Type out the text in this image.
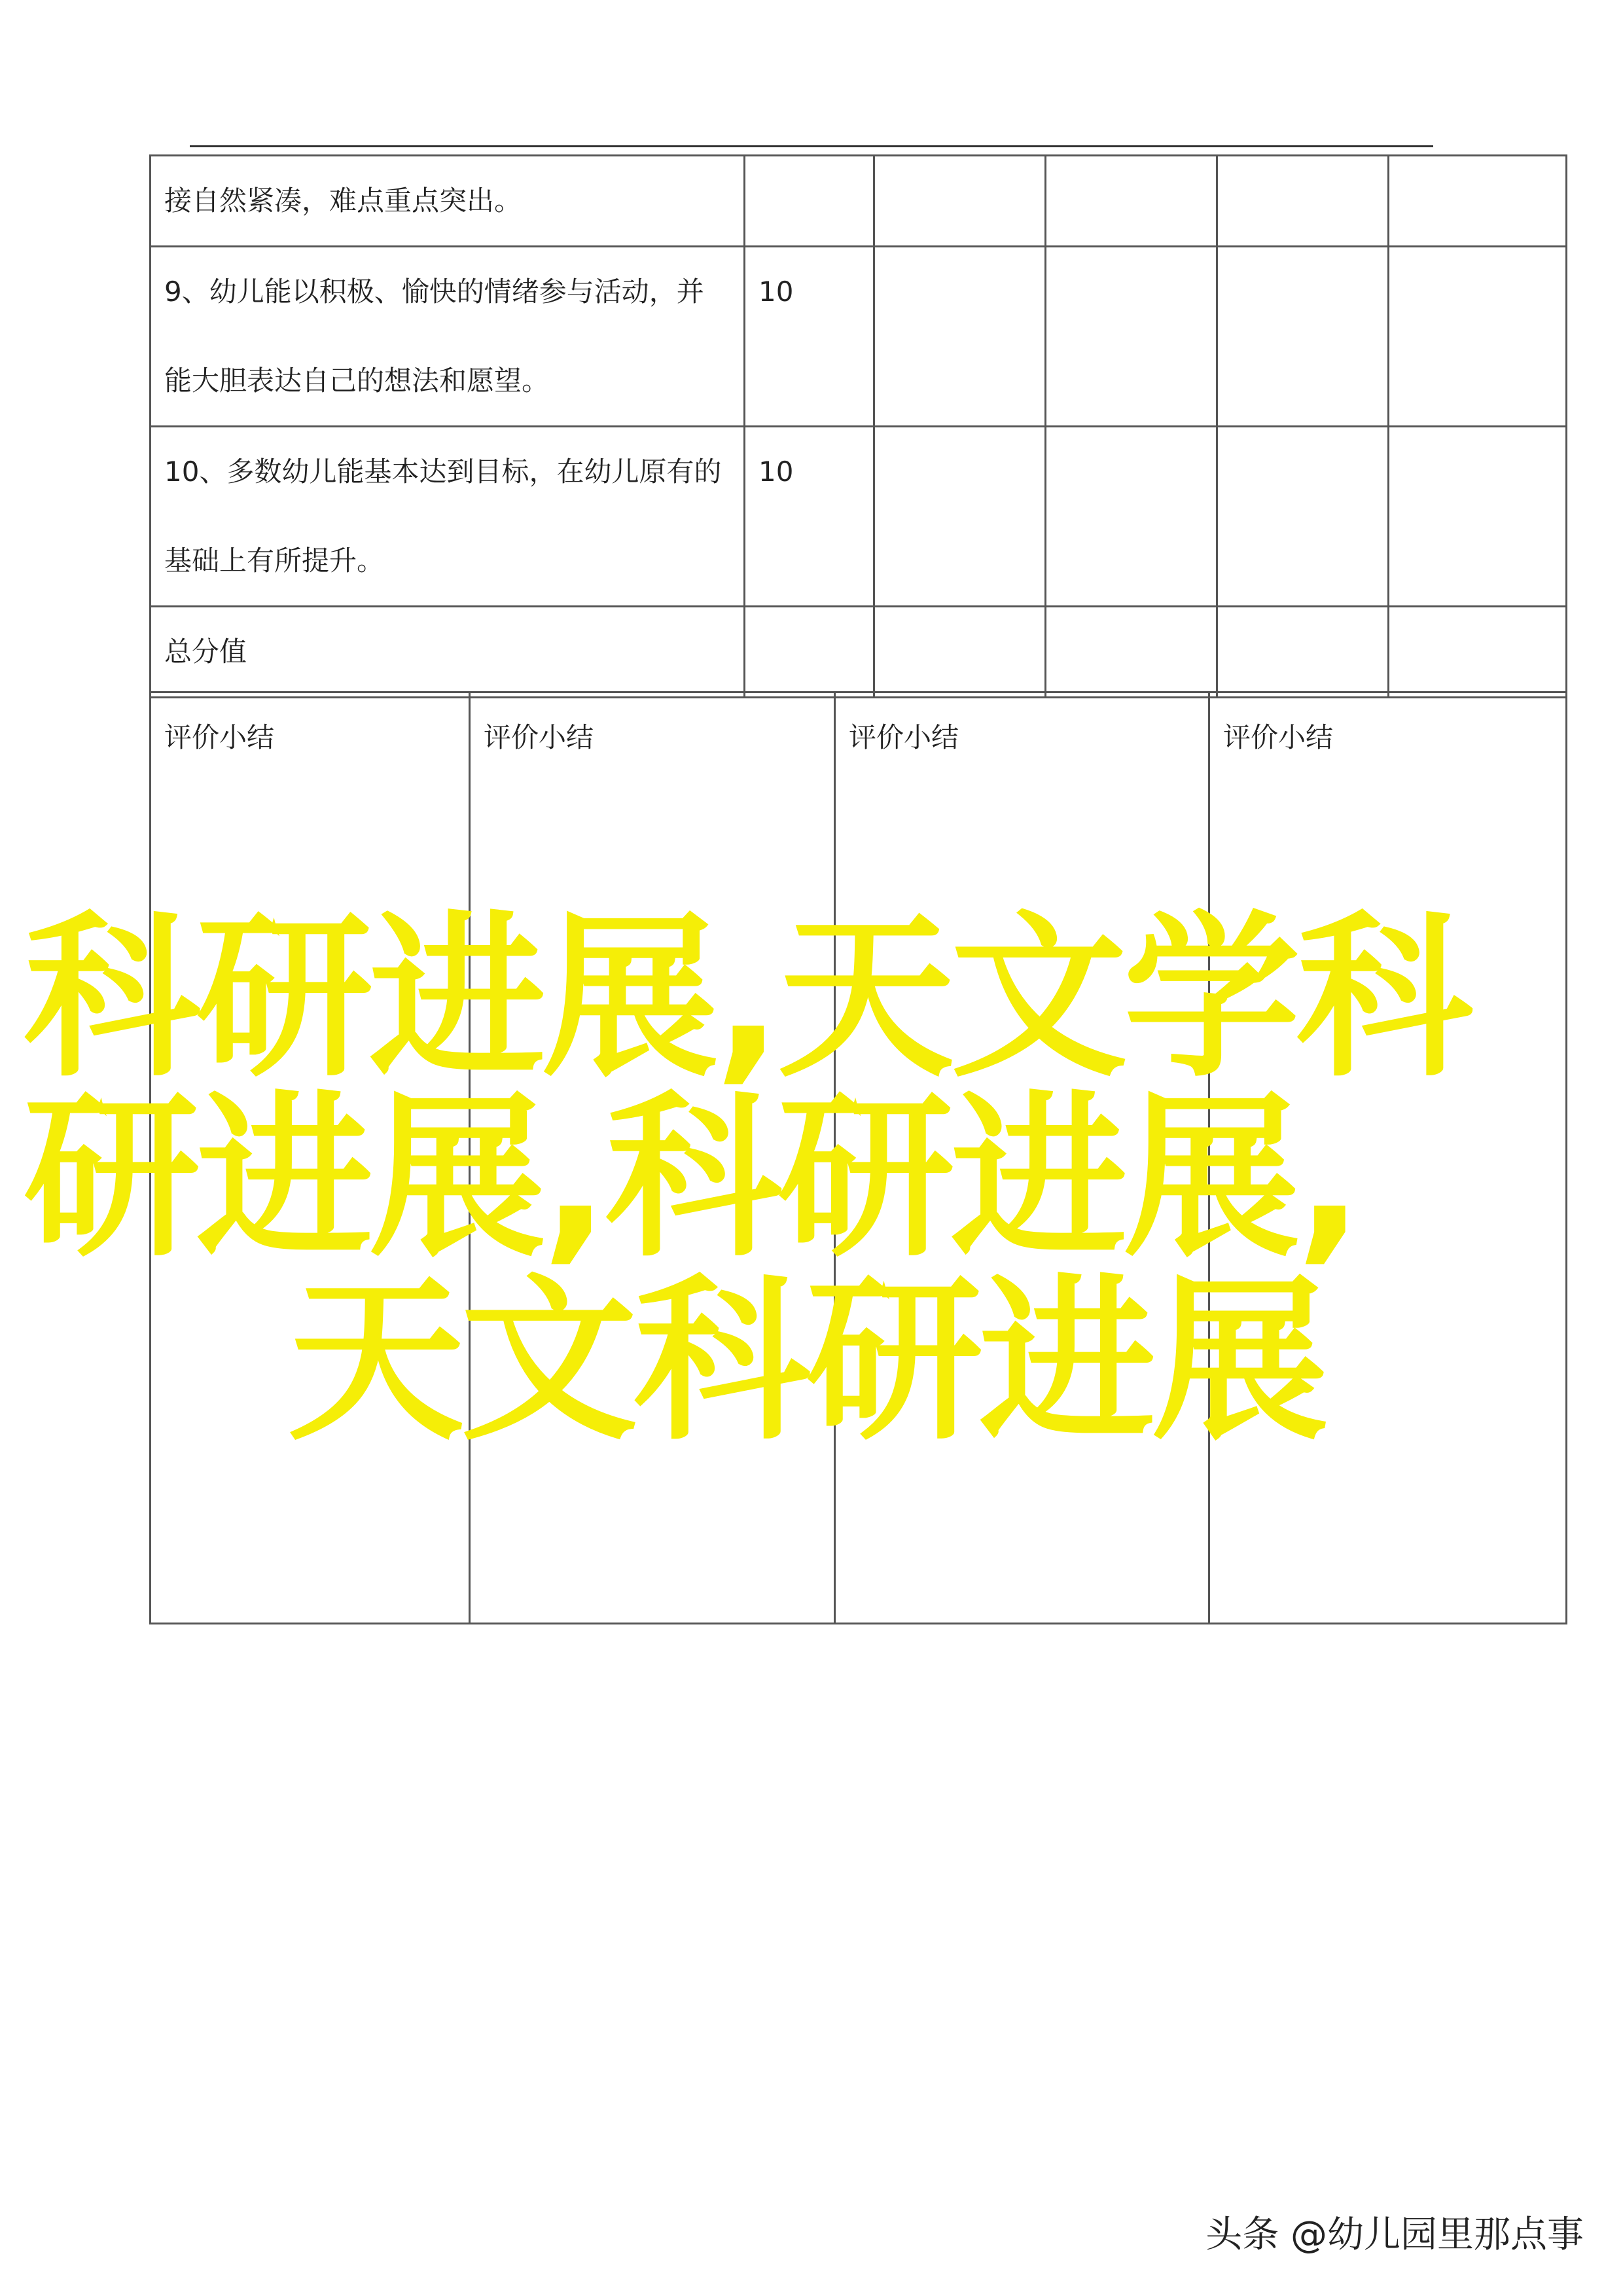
接自然紧凑，难点重点突出。					

9、幼儿能以积极、愉快的情绪参与活动，并
能大胆表达自己的想法和愿望。	10				

10、多数幼儿能基本达到目标，在幼儿原有的
基础上有所提升。	10				

总分值					

评价小结	评价小结	评价小结	评价小结
科研进展,天文学科
研进展,科研进展,
天文科研进展
头条 @幼儿园里那点事
